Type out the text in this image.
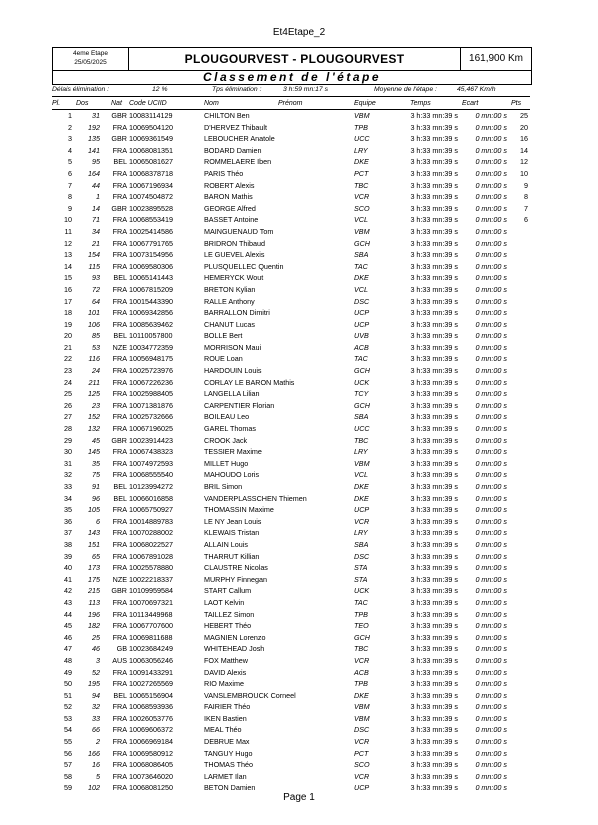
Et4Etape_2
4eme Etape
25/05/2025	PLOUGOURVEST - PLOUGOURVEST	161,900 Km
Classement de l'étape
Délais élimination :	12 %	Tps élimination :	3 h:59 mn:17 s	Moyenne de l'étape :	45,467 Km/h
Pl. Dos	Nat Code UCIID	Nom	Prénom	Equipe	Temps	Ecart	Pts
1	31	GBR 10083114129	CHILTON Ben	VBM	3 h:33 mn:39 s	0 mn:00 s	25
2	192	FRA 10069504120	D'HERVEZ Thibault	TPB	3 h:33 mn:39 s	0 mn:00 s	20
3	135	GBR 10069361549	LEBOUCHER Anatole	UCC	3 h:33 mn:39 s	0 mn:00 s	16
4	141	FRA 10068081351	BODARD Damien	LRY	3 h:33 mn:39 s	0 mn:00 s	14
5	95	BEL 10065081627	ROMMELAERE Iben	DKE	3 h:33 mn:39 s	0 mn:00 s	12
6	164	FRA 10068378718	PARIS Théo	PCT	3 h:33 mn:39 s	0 mn:00 s	10
7	44	FRA 10067196934	ROBERT Alexis	TBC	3 h:33 mn:39 s	0 mn:00 s	9
8	1	FRA 10074504872	BARON Mathis	VCR	3 h:33 mn:39 s	0 mn:00 s	8
9	14	GBR 10023895528	GEORGE Alfred	SCO	3 h:33 mn:39 s	0 mn:00 s	7
10	71	FRA 10068553419	BASSET Antoine	VCL	3 h:33 mn:39 s	0 mn:00 s	6
11	34	FRA 10025414586	MAINGUENAUD Tom	VBM	3 h:33 mn:39 s	0 mn:00 s
12	21	FRA 10067791765	BRIDRON Thibaud	GCH	3 h:33 mn:39 s	0 mn:00 s
13	154	FRA 10073154956	LE GUEVEL Alexis	SBA	3 h:33 mn:39 s	0 mn:00 s
14	115	FRA 10069580306	PLUSQUELLEC Quentin	TAC	3 h:33 mn:39 s	0 mn:00 s
15	93	BEL 10065141443	HEMERYCK Wout	DKE	3 h:33 mn:39 s	0 mn:00 s
16	72	FRA 10067815209	BRETON Kylian	VCL	3 h:33 mn:39 s	0 mn:00 s
17	64	FRA 10015443390	RALLE Anthony	DSC	3 h:33 mn:39 s	0 mn:00 s
18	101	FRA 10069342856	BARRALLON Dimitri	UCP	3 h:33 mn:39 s	0 mn:00 s
19	106	FRA 10085639462	CHANUT Lucas	UCP	3 h:33 mn:39 s	0 mn:00 s
20	85	BEL 10110057800	BOLLE Bert	UVB	3 h:33 mn:39 s	0 mn:00 s
21	53	NZE 10034772359	MORRISON Maui	ACB	3 h:33 mn:39 s	0 mn:00 s
22	116	FRA 10056948175	ROUE Loan	TAC	3 h:33 mn:39 s	0 mn:00 s
23	24	FRA 10025723976	HARDOUIN Louis	GCH	3 h:33 mn:39 s	0 mn:00 s
24	211	FRA 10067226236	CORLAY LE BARON Mathis	UCK	3 h:33 mn:39 s	0 mn:00 s
25	125	FRA 10025988405	LANGELLA Lilian	TCY	3 h:33 mn:39 s	0 mn:00 s
26	23	FRA 10071381876	CARPENTIER Florian	GCH	3 h:33 mn:39 s	0 mn:00 s
27	152	FRA 10025732666	BOILEAU Leo	SBA	3 h:33 mn:39 s	0 mn:00 s
28	132	FRA 10067196025	GAREL Thomas	UCC	3 h:33 mn:39 s	0 mn:00 s
29	45	GBR 10023914423	CROOK Jack	TBC	3 h:33 mn:39 s	0 mn:00 s
30	145	FRA 10067438323	TESSIER Maxime	LRY	3 h:33 mn:39 s	0 mn:00 s
31	35	FRA 10074972593	MILLET Hugo	VBM	3 h:33 mn:39 s	0 mn:00 s
32	75	FRA 10068555540	MAHOUDO Loris	VCL	3 h:33 mn:39 s	0 mn:00 s
33	91	BEL 10123994272	BRIL Simon	DKE	3 h:33 mn:39 s	0 mn:00 s
34	96	BEL 10066016858	VANDERPLASSCHEN Thiemen	DKE	3 h:33 mn:39 s	0 mn:00 s
35	105	FRA 10065750927	THOMASSIN Maxime	UCP	3 h:33 mn:39 s	0 mn:00 s
36	6	FRA 10014889783	LE NY Jean Louis	VCR	3 h:33 mn:39 s	0 mn:00 s
37	143	FRA 10070288002	KLEWAIS Tristan	LRY	3 h:33 mn:39 s	0 mn:00 s
38	151	FRA 10068022527	ALLAIN Louis	SBA	3 h:33 mn:39 s	0 mn:00 s
39	65	FRA 10067891028	THARRUT Killian	DSC	3 h:33 mn:39 s	0 mn:00 s
40	173	FRA 10025578880	CLAUSTRE Nicolas	STA	3 h:33 mn:39 s	0 mn:00 s
41	175	NZE 10022218337	MURPHY Finnegan	STA	3 h:33 mn:39 s	0 mn:00 s
42	215	GBR 10109959584	START Callum	UCK	3 h:33 mn:39 s	0 mn:00 s
43	113	FRA 10070697321	LAOT Kelvin	TAC	3 h:33 mn:39 s	0 mn:00 s
44	196	FRA 10113449968	TAILLEZ Simon	TPB	3 h:33 mn:39 s	0 mn:00 s
45	182	FRA 10067707600	HEBERT Théo	TEO	3 h:33 mn:39 s	0 mn:00 s
46	25	FRA 10069811688	MAGNIEN Lorenzo	GCH	3 h:33 mn:39 s	0 mn:00 s
47	46	GB 10023684249	WHITEHEAD Josh	TBC	3 h:33 mn:39 s	0 mn:00 s
48	3	AUS 10063056246	FOX Matthew	VCR	3 h:33 mn:39 s	0 mn:00 s
49	52	FRA 10091433291	DAVID Alexis	ACB	3 h:33 mn:39 s	0 mn:00 s
50	195	FRA 10027265569	RIO Maxime	TPB	3 h:33 mn:39 s	0 mn:00 s
51	94	BEL 10065156904	VANSLEMBROUCK Corneel	DKE	3 h:33 mn:39 s	0 mn:00 s
52	32	FRA 10068593936	FAIRIER Théo	VBM	3 h:33 mn:39 s	0 mn:00 s
53	33	FRA 10026053776	IKEN Bastien	VBM	3 h:33 mn:39 s	0 mn:00 s
54	66	FRA 10069606372	MEAL Théo	DSC	3 h:33 mn:39 s	0 mn:00 s
55	2	FRA 10066969184	DEBRUE Max	VCR	3 h:33 mn:39 s	0 mn:00 s
56	166	FRA 10069580912	TANGUY Hugo	PCT	3 h:33 mn:39 s	0 mn:00 s
57	16	FRA 10068086405	THOMAS Théo	SCO	3 h:33 mn:39 s	0 mn:00 s
58	5	FRA 10073646020	LARMET Ilan	VCR	3 h:33 mn:39 s	0 mn:00 s
59	102	FRA 10068081250	BETON Damien	UCP	3 h:33 mn:39 s	0 mn:00 s
Page 1
